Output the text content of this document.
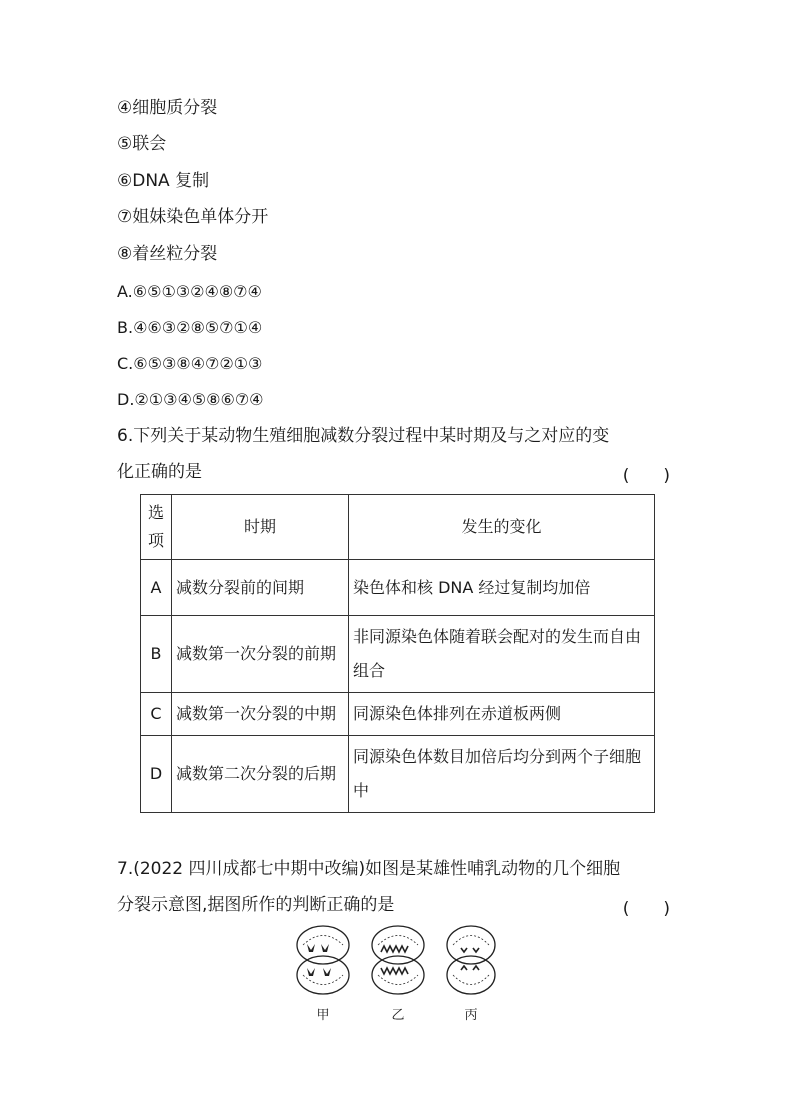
④细胞质分裂
⑤联会
⑥DNA 复制
⑦姐妹染色单体分开
⑧着丝粒分裂
A.⑥⑤①③②④⑧⑦④
B.④⑥③②⑧⑤⑦①④
C.⑥⑤③⑧④⑦②①③
D.②①③④⑤⑧⑥⑦④
6.下列关于某动物生殖细胞减数分裂过程中某时期及与之对应的变
化正确的是	(　　)
选
项	时期	发生的变化
A	减数分裂前的间期	染色体和核 DNA 经过复制均加倍
B	减数第一次分裂的前期	非同源染色体随着联会配对的发生而自由组合
C	减数第一次分裂的中期	同源染色体排列在赤道板两侧
D	减数第二次分裂的后期	同源染色体数目加倍后均分到两个子细胞中
7.(2022 四川成都七中期中改编)如图是某雄性哺乳动物的几个细胞
分裂示意图,据图所作的判断正确的是	(　　)
甲	乙	丙
